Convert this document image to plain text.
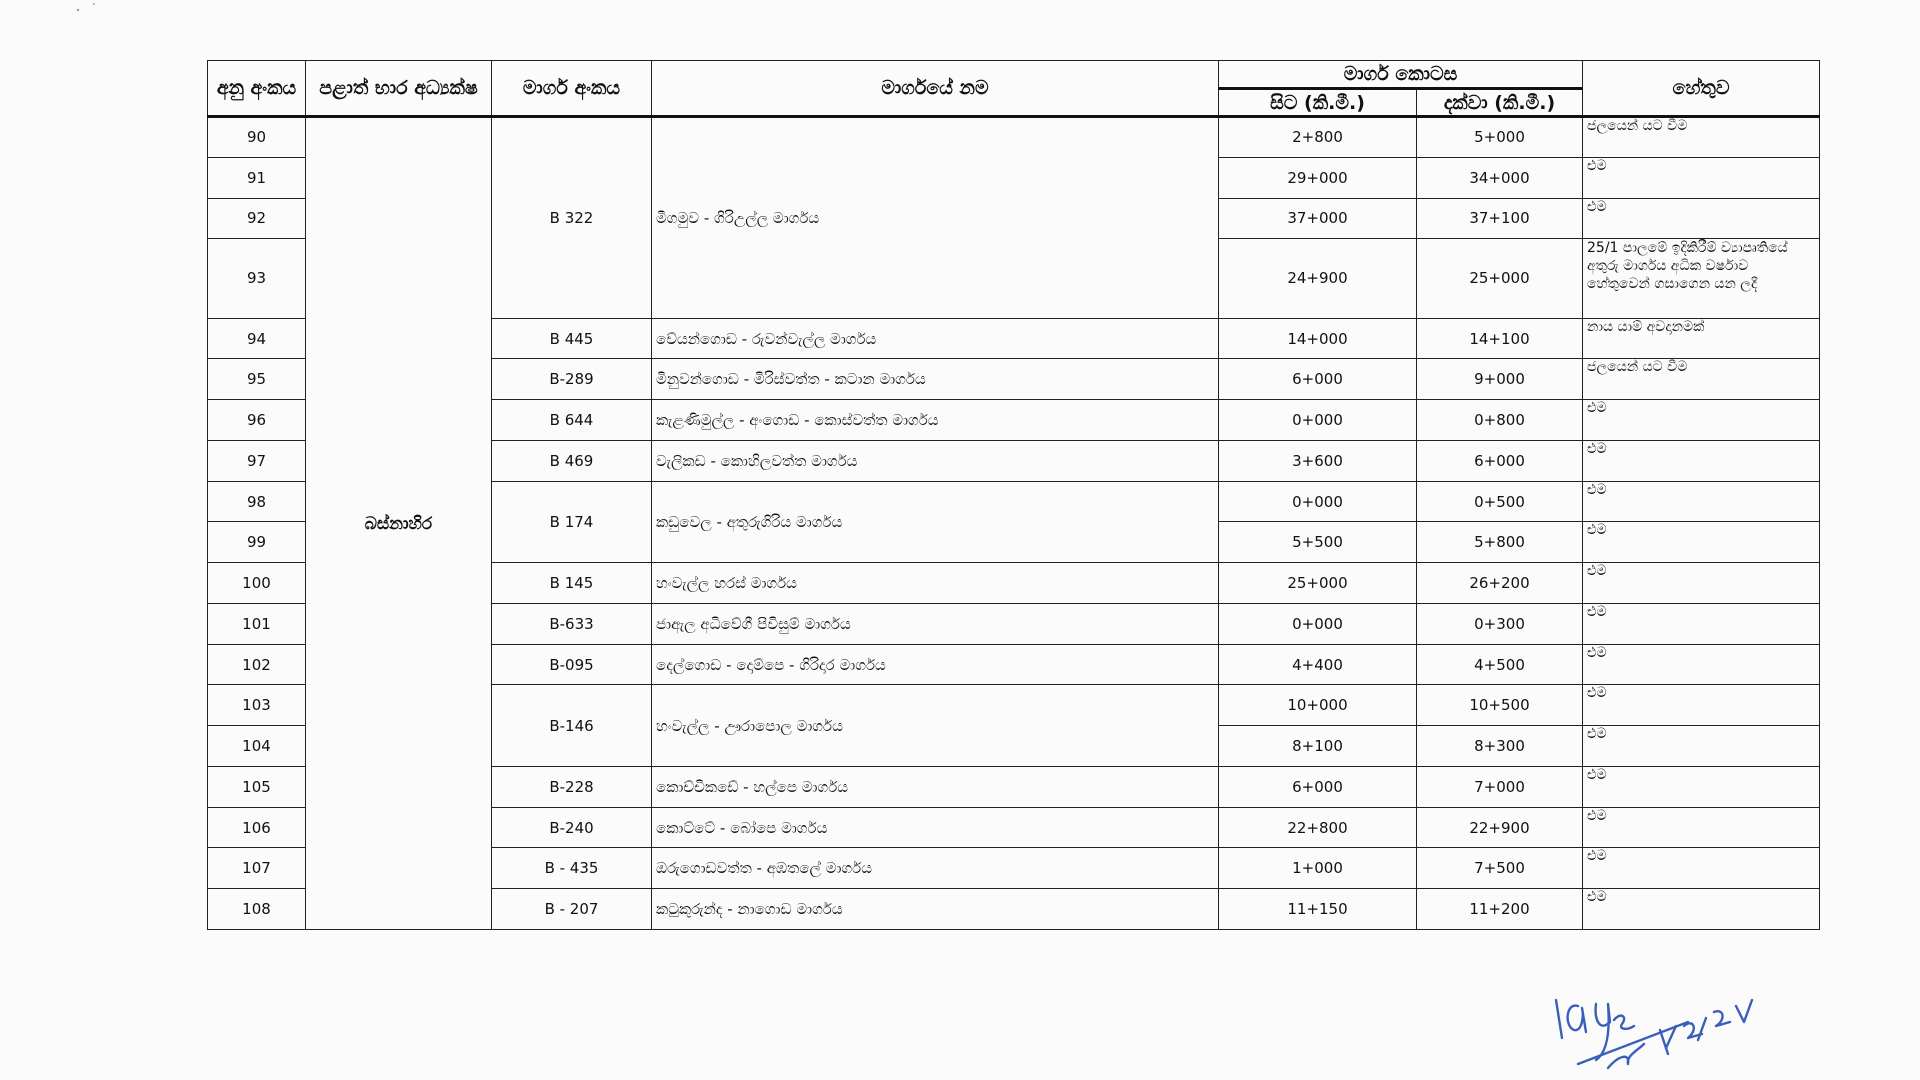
අනු අංකය	පළාත් භාර අධ්‍යක්ෂ	මාර්ග අංකය	මාර්ගයේ නම	මාර්ග කොටස		හේතුව
				සිට (කි.මී.)	දක්වා (කි.මී.)	
90	බස්නාහිර	B 322	මීගමුව - ගිරිඋල්ල මාර්ගය	2+800	5+000	ජලයෙන් යට වීම
91				29+000	34+000	එම
92				37+000	37+100	එම
93				24+900	25+000	25/1 පාලමේ ඉදිකිරීම් ව්‍යාපෘතියේ අතුරු මාර්ගය අධික වර්ෂාව හේතුවෙන් ගසාගෙන යන ලදී
94		B 445	වේයන්ගොඩ - රුවන්වැල්ල මාර්ගය	14+000	14+100	නාය යාම් අවදානමක්
95		B-289	මිනුවන්ගොඩ - මිරිස්වත්ත - කටාන මාර්ගය	6+000	9+000	ජලයෙන් යට වීම
96		B 644	කැළණිමුල්ල - අංගොඩ - කොස්වත්ත මාර්ගය	0+000	0+800	එම
97		B 469	වැලිකඩ - කොහිලවත්ත මාර්ගය	3+600	6+000	එම
98		B 174	කඩුවෙල - අතුරුගිරිය මාර්ගය	0+000	0+500	එම
99				5+500	5+800	එම
100		B 145	හංවැල්ල හරස් මාර්ගය	25+000	26+200	එම
101		B-633	ජාඇල අධිවේගී පිවිසුම් මාර්ගය	0+000	0+300	එම
102		B-095	දෙල්ගොඩ - දොම්පෙ - ගිරිදාර මාර්ගය	4+400	4+500	එම
103		B-146	හංවැල්ල - ඌරාපොල මාර්ගය	10+000	10+500	එම
104				8+100	8+300	එම
105		B-228	කොච්චිකඩේ - හල්පෙ මාර්ගය	6+000	7+000	එම
106		B-240	කොට්ටේ - බෝපෙ මාර්ගය	22+800	22+900	එම
107		B - 435	ඔරුගොඩවත්ත - අඹතලේ මාර්ගය	1+000	7+500	එම
108		B - 207	කටුකුරුන්ද - නාගොඩ මාර්ගය	11+150	11+200	එම
